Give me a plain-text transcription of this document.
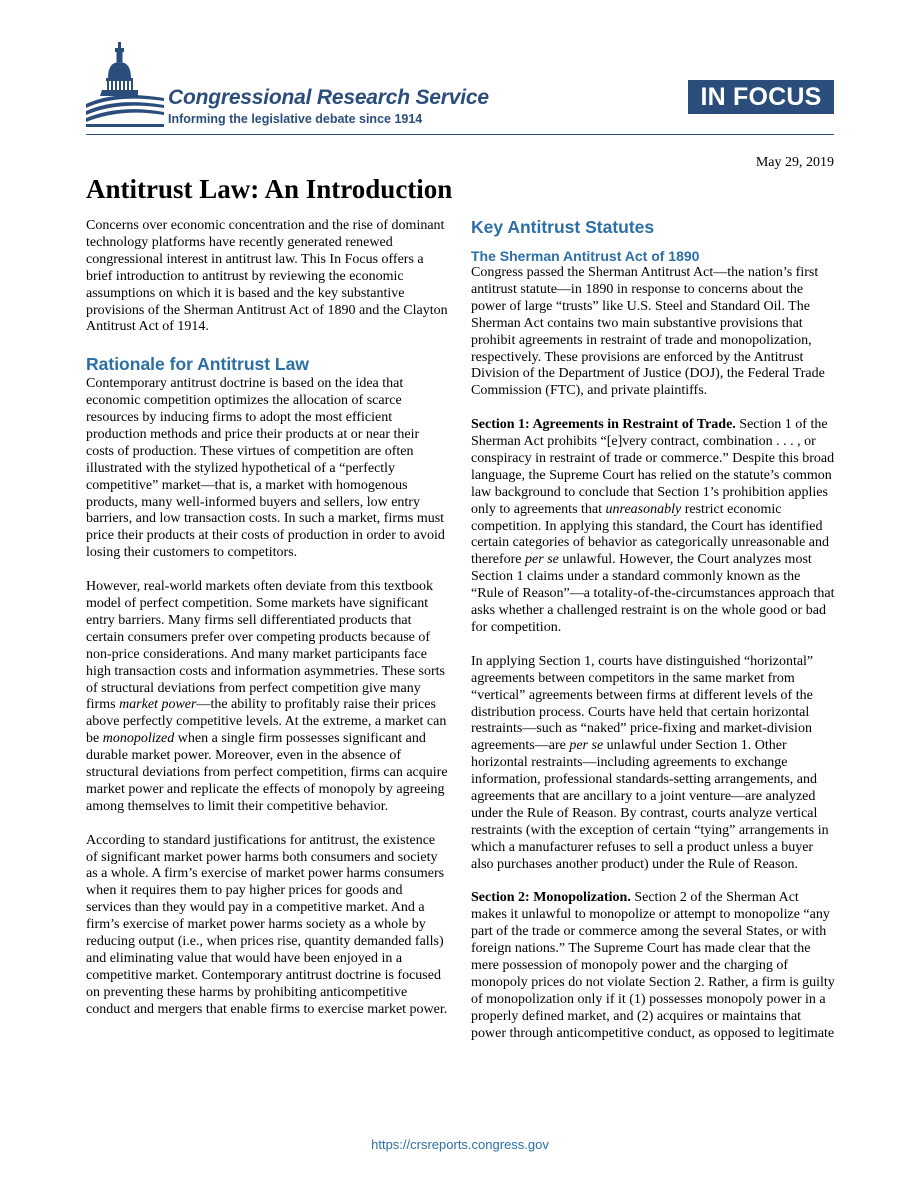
Congressional Research Service
Informing the legislative debate since 1914
IN FOCUS
May 29, 2019
Antitrust Law: An Introduction

Concerns over economic concentration and the rise of dominant technology platforms have recently generated renewed congressional interest in antitrust law. This In Focus offers a brief introduction to antitrust by reviewing the economic assumptions on which it is based and the key substantive provisions of the Sherman Antitrust Act of 1890 and the Clayton Antitrust Act of 1914.

Rationale for Antitrust Law

Contemporary antitrust doctrine is based on the idea that economic competition optimizes the allocation of scarce resources by inducing firms to adopt the most efficient production methods and price their products at or near their costs of production. These virtues of competition are often illustrated with the stylized hypothetical of a “perfectly competitive” market—that is, a market with homogenous products, many well-informed buyers and sellers, low entry barriers, and low transaction costs. In such a market, firms must price their products at their costs of production in order to avoid losing their customers to competitors.

However, real-world markets often deviate from this textbook model of perfect competition. Some markets have significant entry barriers. Many firms sell differentiated products that certain consumers prefer over competing products because of non-price considerations. And many market participants face high transaction costs and information asymmetries. These sorts of structural deviations from perfect competition give many firms market power—the ability to profitably raise their prices above perfectly competitive levels. At the extreme, a market can be monopolized when a single firm possesses significant and durable market power. Moreover, even in the absence of structural deviations from perfect competition, firms can acquire market power and replicate the effects of monopoly by agreeing among themselves to limit their competitive behavior.

According to standard justifications for antitrust, the existence of significant market power harms both consumers and society as a whole. A firm’s exercise of market power harms consumers when it requires them to pay higher prices for goods and services than they would pay in a competitive market. And a firm’s exercise of market power harms society as a whole by reducing output (i.e., when prices rise, quantity demanded falls) and eliminating value that would have been enjoyed in a competitive market. Contemporary antitrust doctrine is focused on preventing these harms by prohibiting anticompetitive conduct and mergers that enable firms to exercise market power.

Key Antitrust Statutes
The Sherman Antitrust Act of 1890

Congress passed the Sherman Antitrust Act—the nation’s first antitrust statute—in 1890 in response to concerns about the power of large “trusts” like U.S. Steel and Standard Oil. The Sherman Act contains two main substantive provisions that prohibit agreements in restraint of trade and monopolization, respectively. These provisions are enforced by the Antitrust Division of the Department of Justice (DOJ), the Federal Trade Commission (FTC), and private plaintiffs.

Section 1: Agreements in Restraint of Trade. Section 1 of the Sherman Act prohibits “[e]very contract, combination . . . , or conspiracy in restraint of trade or commerce.” Despite this broad language, the Supreme Court has relied on the statute’s common law background to conclude that Section 1’s prohibition applies only to agreements that unreasonably restrict economic competition. In applying this standard, the Court has identified certain categories of behavior as categorically unreasonable and therefore per se unlawful. However, the Court analyzes most Section 1 claims under a standard commonly known as the “Rule of Reason”—a totality-of-the-circumstances approach that asks whether a challenged restraint is on the whole good or bad for competition.

In applying Section 1, courts have distinguished “horizontal” agreements between competitors in the same market from “vertical” agreements between firms at different levels of the distribution process. Courts have held that certain horizontal restraints—such as “naked” price-fixing and market-division agreements—are per se unlawful under Section 1. Other horizontal restraints—including agreements to exchange information, professional standards-setting arrangements, and agreements that are ancillary to a joint venture—are analyzed under the Rule of Reason. By contrast, courts analyze vertical restraints (with the exception of certain “tying” arrangements in which a manufacturer refuses to sell a product unless a buyer also purchases another product) under the Rule of Reason.

Section 2: Monopolization. Section 2 of the Sherman Act makes it unlawful to monopolize or attempt to monopolize “any part of the trade or commerce among the several States, or with foreign nations.” The Supreme Court has made clear that the mere possession of monopoly power and the charging of monopoly prices do not violate Section 2. Rather, a firm is guilty of monopolization only if it (1) possesses monopoly power in a properly defined market, and (2) acquires or maintains that power through anticompetitive conduct, as opposed to legitimate

https://crsreports.congress.gov
